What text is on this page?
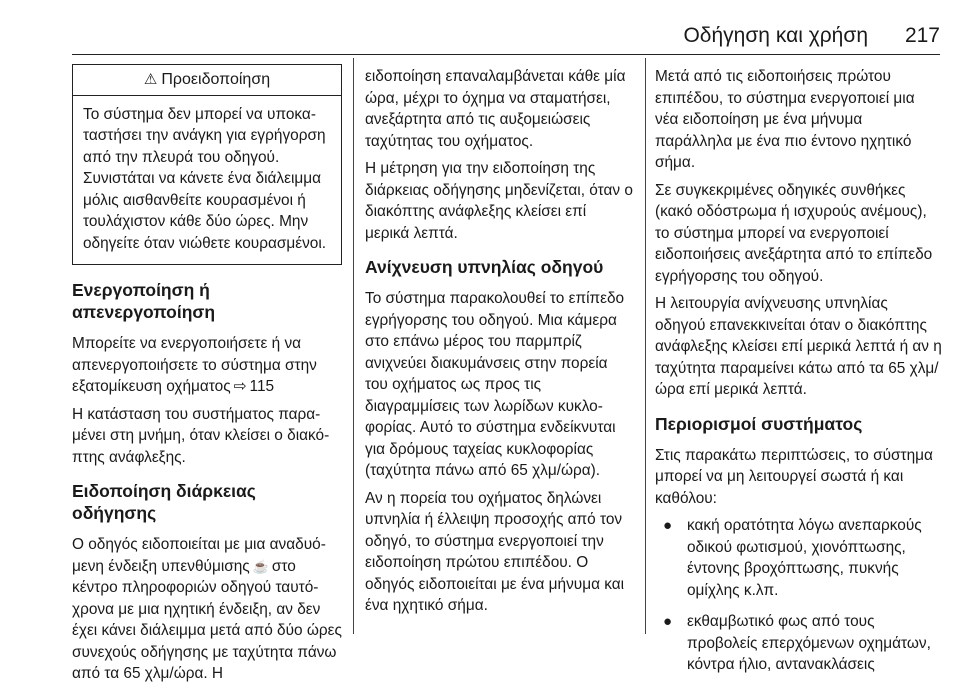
Οδήγηση και χρήση 217
⚠ Προειδοποίηση
Το σύστημα δεν μπορεί να υποκαταστήσει την ανάγκη για εγρήγορση από την πλευρά του οδηγού. Συνιστάται να κάνετε ένα διάλειμμα μόλις αισθανθείτε κουρασμένοι ή τουλάχιστον κάθε δύο ώρες. Μην οδηγείτε όταν νιώθετε κουρασμένοι.
Ενεργοποίηση ή απενεργοποίηση

Μπορείτε να ενεργοποιήσετε ή να απενεργοποιήσετε το σύστημα στην εξατομίκευση οχήματος ⇨ 115

Η κατάσταση του συστήματος παραμένει στη μνήμη, όταν κλείσει ο διακόπτης ανάφλεξης.

Ειδοποίηση διάρκειας οδήγησης

Ο οδηγός ειδοποιείται με μια αναδυόμενη ένδειξη υπενθύμισης ☕ στο κέντρο πληροφοριών οδηγού ταυτόχρονα με μια ηχητική ένδειξη, αν δεν έχει κάνει διάλειμμα μετά από δύο ώρες συνεχούς οδήγησης με ταχύτητα πάνω από τα 65 χλμ/ώρα. Η

ειδοποίηση επαναλαμβάνεται κάθε μία ώρα, μέχρι το όχημα να σταματήσει, ανεξάρτητα από τις αυξομειώσεις ταχύτητας του οχήματος.

Η μέτρηση για την ειδοποίηση της διάρκειας οδήγησης μηδενίζεται, όταν ο διακόπτης ανάφλεξης κλείσει επί μερικά λεπτά.

Ανίχνευση υπνηλίας οδηγού

Το σύστημα παρακολουθεί το επίπεδο εγρήγορσης του οδηγού. Μια κάμερα στο επάνω μέρος του παρμπρίζ ανιχνεύει διακυμάνσεις στην πορεία του οχήματος ως προς τις διαγραμμίσεις των λωρίδων κυκλοφορίας. Αυτό το σύστημα ενδείκνυται για δρόμους ταχείας κυκλοφορίας (ταχύτητα πάνω από 65 χλμ/ώρα).

Αν η πορεία του οχήματος δηλώνει υπνηλία ή έλλειψη προσοχής από τον οδηγό, το σύστημα ενεργοποιεί την ειδοποίηση πρώτου επιπέδου. Ο οδηγός ειδοποιείται με ένα μήνυμα και ένα ηχητικό σήμα.

Μετά από τις ειδοποιήσεις πρώτου επιπέδου, το σύστημα ενεργοποιεί μια νέα ειδοποίηση με ένα μήνυμα παράλληλα με ένα πιο έντονο ηχητικό σήμα.

Σε συγκεκριμένες οδηγικές συνθήκες (κακό οδόστρωμα ή ισχυρούς ανέμους), το σύστημα μπορεί να ενεργοποιεί ειδοποιήσεις ανεξάρτητα από το επίπεδο εγρήγορσης του οδηγού.

Η λειτουργία ανίχνευσης υπνηλίας οδηγού επανεκκινείται όταν ο διακόπτης ανάφλεξης κλείσει επί μερικά λεπτά ή αν η ταχύτητα παραμείνει κάτω από τα 65 χλμ/ώρα επί μερικά λεπτά.

Περιορισμοί συστήματος

Στις παρακάτω περιπτώσεις, το σύστημα μπορεί να μη λειτουργεί σωστά ή και καθόλου:

● κακή ορατότητα λόγω ανεπαρκούς οδικού φωτισμού, χιονόπτωσης, έντονης βροχόπτωσης, πυκνής ομίχλης κ.λπ.
● εκθαμβωτικό φως από τους προβολείς επερχόμενων οχημάτων, κόντρα ήλιο, αντανακλάσεις
